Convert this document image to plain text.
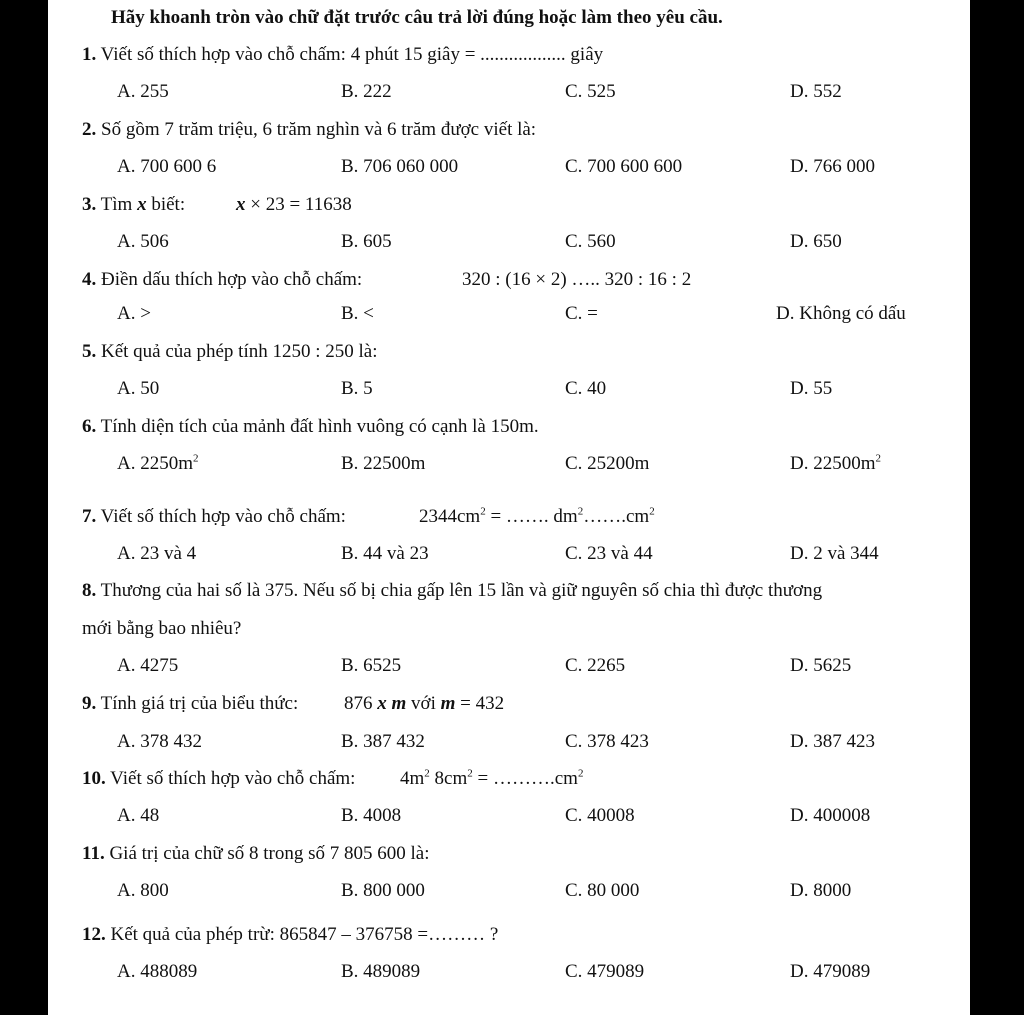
Hãy khoanh tròn vào chữ đặt trước câu trả lời đúng hoặc làm theo yêu cầu.
1. Viết số thích hợp vào chỗ chấm: 4 phút 15 giây = .................. giây
A. 255	B. 222	C. 525	D. 552
2. Số gồm 7 trăm triệu, 6 trăm nghìn và 6 trăm được viết là:
A. 700 600 6	B. 706 060 000	C. 700 600 600	D. 766 000
3. Tìm x biết:	x × 23 = 11638
A. 506	B. 605	C. 560	D. 650
4. Điền dấu thích hợp vào chỗ chấm:	320 : (16 × 2) ….. 320 : 16 : 2
A. >	B. <	C. =	D. Không có dấu
5. Kết quả của phép tính 1250 : 250 là:
A. 50	B. 5	C. 40	D. 55
6. Tính diện tích của mảnh đất hình vuông có cạnh là 150m.
A. $2250m^2$	B. 22500m	C. 25200m	D. $22500m^2$
7. Viết số thích hợp vào chỗ chấm:	$2344cm^2$ = ……. $dm^2\dots\dots.cm^2$
A. 23 và 4	B. 44 và 23	C. 23 và 44	D. 2 và 344
8. Thương của hai số là 375. Nếu số bị chia gấp lên 15 lần và giữ nguyên số chia thì được thương
mới bằng bao nhiêu?
A. 4275	B. 6525	C. 2265	D. 5625
9. Tính giá trị của biểu thức: 876 x m với m = 432
A. 378 432	B. 387 432	C. 378 423	D. 387 423
10. Viết số thích hợp vào chỗ chấm: $4m^2$ $8cm^2$ = $\dots\dots\dots.cm^2$
A. 48	B. 4008	C. 40008	D. 400008
11. Giá trị của chữ số 8 trong số 7 805 600 là:
A. 800	B. 800 000	C. 80 000	D. 8000
12. Kết quả của phép trừ: 865847 – 376758 =……… ?
A. 488089	B. 489089	C. 479089	D. 479089
